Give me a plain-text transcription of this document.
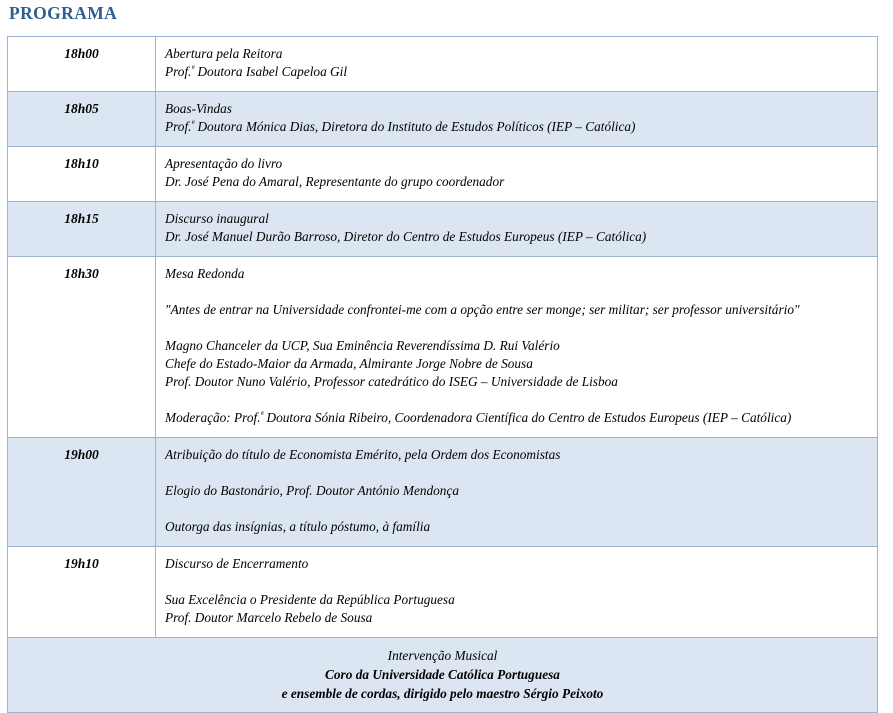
PROGRAMA
18h00	Abertura pela Reitora
Prof.$^ª$ Doutora Isabel Capeloa Gil

18h05	Boas-Vindas
Prof.$^ª$ Doutora Mónica Dias, Diretora do Instituto de Estudos Políticos (IEP – Católica)

18h10	Apresentação do livro
Dr. José Pena do Amaral, Representante do grupo coordenador

18h15	Discurso inaugural
Dr. José Manuel Durão Barroso, Diretor do Centro de Estudos Europeus (IEP – Católica)

18h30	Mesa Redonda

"Antes de entrar na Universidade confrontei-me com a opção entre ser monge; ser militar; ser professor universitário"

Magno Chanceler da UCP, Sua Eminência Reverendíssima D. Rui Valério
Chefe do Estado-Maior da Armada, Almirante Jorge Nobre de Sousa
Prof. Doutor Nuno Valério, Professor catedrático do ISEG – Universidade de Lisboa

Moderação: Prof.$^ª$ Doutora Sónia Ribeiro, Coordenadora Científica do Centro de Estudos Europeus (IEP – Católica)

19h00	Atribuição do título de Economista Emérito, pela Ordem dos Economistas

Elogio do Bastonário, Prof. Doutor António Mendonça

Outorga das insígnias, a título póstumo, à família

19h10	Discurso de Encerramento

Sua Excelência o Presidente da República Portuguesa
Prof. Doutor Marcelo Rebelo de Sousa

Intervenção Musical
Coro da Universidade Católica Portuguesa
e ensemble de cordas, dirigido pelo maestro Sérgio Peixoto	
